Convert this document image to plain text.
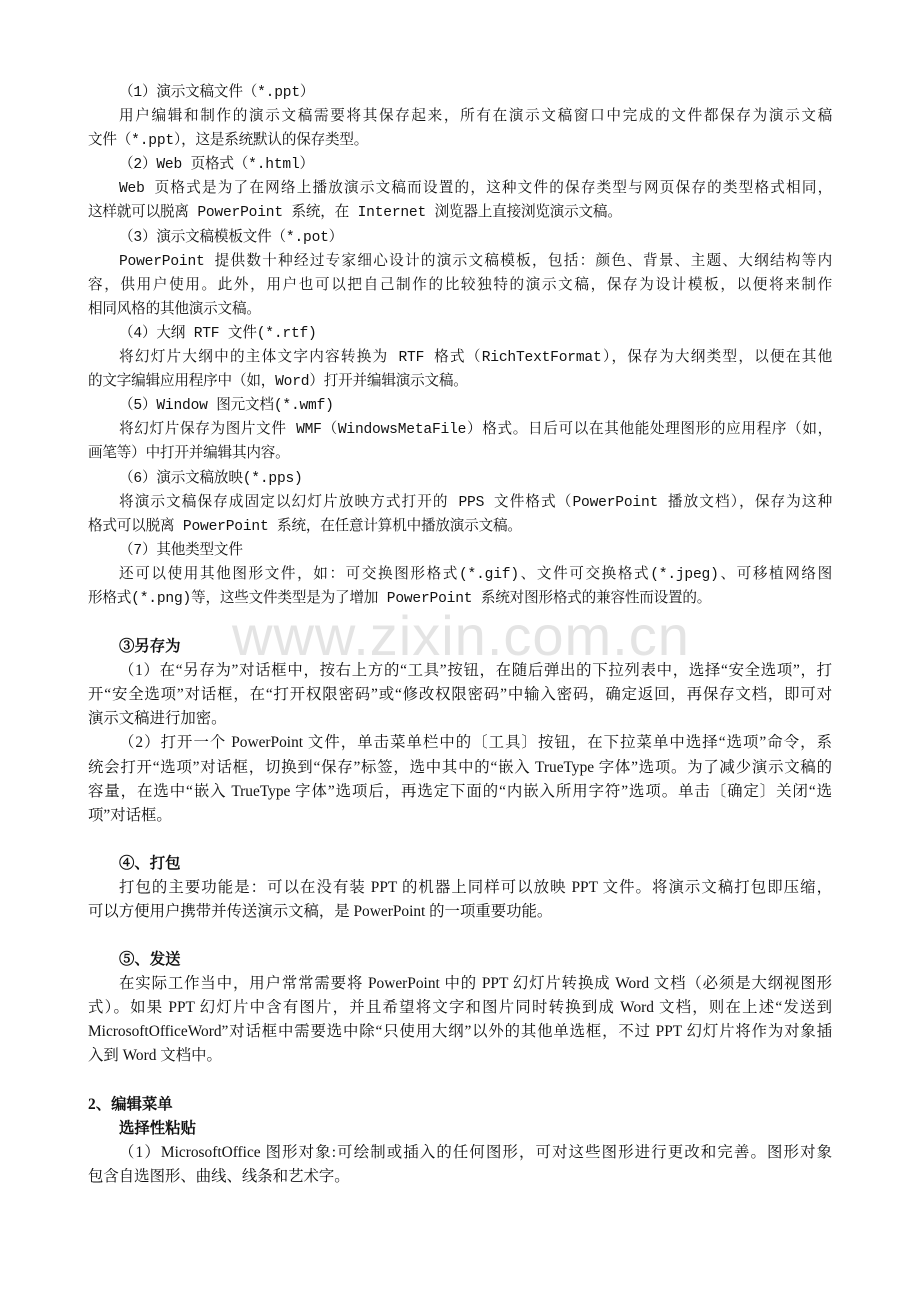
www.zixin.com.cn
（1）演示文稿文件（*.ppt）
用户编辑和制作的演示文稿需要将其保存起来，所有在演示文稿窗口中完成的文件都保存为演示文稿
文件（*.ppt），这是系统默认的保存类型。
（2）Web 页格式（*.html）
Web 页格式是为了在网络上播放演示文稿而设置的，这种文件的保存类型与网页保存的类型格式相同，
这样就可以脱离 PowerPoint 系统，在 Internet 浏览器上直接浏览演示文稿。
（3）演示文稿模板文件（*.pot）
PowerPoint 提供数十种经过专家细心设计的演示文稿模板，包括：颜色、背景、主题、大纲结构等内
容，供用户使用。此外，用户也可以把自己制作的比较独特的演示文稿，保存为设计模板，以便将来制作
相同风格的其他演示文稿。
（4）大纲 RTF 文件(*.rtf)
将幻灯片大纲中的主体文字内容转换为 RTF 格式（RichTextFormat），保存为大纲类型，以便在其他
的文字编辑应用程序中（如，Word）打开并编辑演示文稿。
（5）Window 图元文档(*.wmf)
将幻灯片保存为图片文件 WMF（WindowsMetaFile）格式。日后可以在其他能处理图形的应用程序（如，
画笔等）中打开并编辑其内容。
（6）演示文稿放映(*.pps)
将演示文稿保存成固定以幻灯片放映方式打开的 PPS 文件格式（PowerPoint 播放文档），保存为这种
格式可以脱离 PowerPoint 系统，在任意计算机中播放演示文稿。
（7）其他类型文件
还可以使用其他图形文件，如：可交换图形格式(*.gif)、文件可交换格式(*.jpeg)、可移植网络图
形格式(*.png)等，这些文件类型是为了增加 PowerPoint 系统对图形格式的兼容性而设置的。
③另存为
（1）在“另存为”对话框中，按右上方的“工具”按钮，在随后弹出的下拉列表中，选择“安全选项”，打
开“安全选项”对话框，在“打开权限密码”或“修改权限密码”中输入密码，确定返回，再保存文档，即可对
演示文稿进行加密。
（2）打开一个 PowerPoint 文件，单击菜单栏中的〔工具〕按钮，在下拉菜单中选择“选项”命令，系
统会打开“选项”对话框，切换到“保存”标签，选中其中的“嵌入 TrueType 字体”选项。为了减少演示文稿的
容量，在选中“嵌入 TrueType 字体”选项后，再选定下面的“内嵌入所用字符”选项。单击〔确定〕关闭“选
项”对话框。
④、打包
打包的主要功能是：可以在没有装 PPT 的机器上同样可以放映 PPT 文件。将演示文稿打包即压缩，
可以方便用户携带并传送演示文稿，是 PowerPoint 的一项重要功能。
⑤、发送
在实际工作当中，用户常常需要将 PowerPoint 中的 PPT 幻灯片转换成 Word 文档（必须是大纲视图形
式）。如果 PPT 幻灯片中含有图片，并且希望将文字和图片同时转换到成 Word 文档，则在上述“发送到
MicrosoftOfficeWord”对话框中需要选中除“只使用大纲”以外的其他单选框，不过 PPT 幻灯片将作为对象插
入到 Word 文档中。
2、编辑菜单
选择性粘贴
（1）MicrosoftOffice 图形对象:可绘制或插入的任何图形，可对这些图形进行更改和完善。图形对象
包含自选图形、曲线、线条和艺术字。
